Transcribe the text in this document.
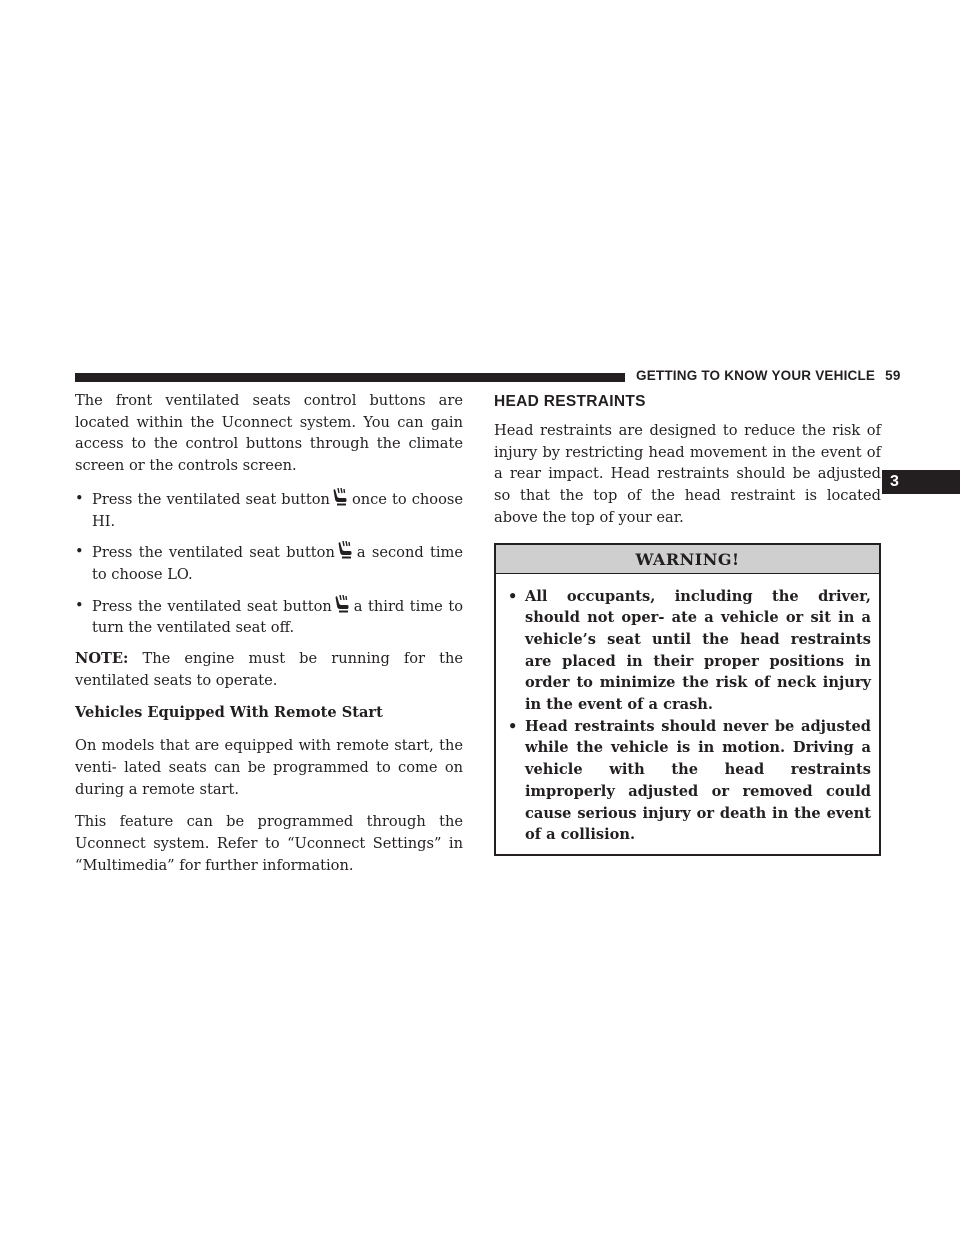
GETTING TO KNOW YOUR VEHICLE 59
3

The front ventilated seats control buttons are located within the Uconnect system. You can gain access to the control buttons through the climate screen or the controls screen.

• Press the ventilated seat button once to choose HI.
• Press the ventilated seat button a second time to choose LO.
• Press the ventilated seat button a third time to turn the ventilated seat off.

NOTE: The engine must be running for the ventilated seats to operate.

Vehicles Equipped With Remote Start

On models that are equipped with remote start, the venti- lated seats can be programmed to come on during a remote start.

This feature can be programmed through the Uconnect system. Refer to “Uconnect Settings” in “Multimedia” for further information.

HEAD RESTRAINTS

Head restraints are designed to reduce the risk of injury by restricting head movement in the event of a rear impact. Head restraints should be adjusted so that the top of the head restraint is located above the top of your ear.

WARNING!
• All occupants, including the driver, should not oper- ate a vehicle or sit in a vehicle’s seat until the head restraints are placed in their proper positions in order to minimize the risk of neck injury in the event of a crash.
• Head restraints should never be adjusted while the vehicle is in motion. Driving a vehicle with the head restraints improperly adjusted or removed could cause serious injury or death in the event of a collision.
